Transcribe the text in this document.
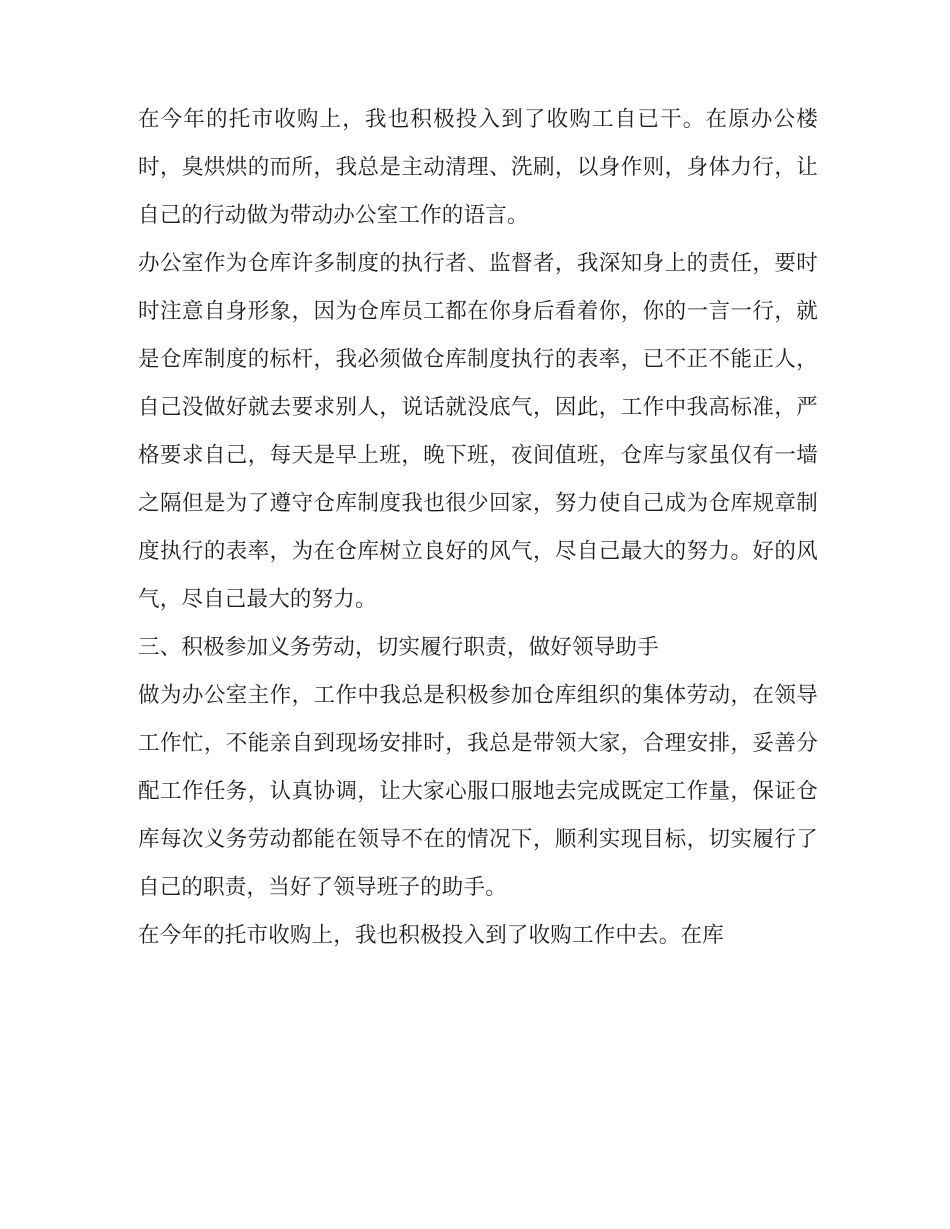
在今年的托市收购上，我也积极投入到了收购工自已干。在原办公楼时，臭烘烘的而所，我总是主动清理、洗刷，以身作则，身体力行，让自己的行动做为带动办公室工作的语言。

办公室作为仓库许多制度的执行者、监督者，我深知身上的责任，要时时注意自身形象，因为仓库员工都在你身后看着你，你的一言一行，就是仓库制度的标杆，我必须做仓库制度执行的表率，已不正不能正人，自己没做好就去要求别人，说话就没底气，因此，工作中我高标准，严格要求自己，每天是早上班，晚下班，夜间值班，仓库与家虽仅有一墙之隔但是为了遵守仓库制度我也很少回家，努力使自己成为仓库规章制度执行的表率，为在仓库树立良好的风气，尽自己最大的努力。好的风气，尽自己最大的努力。

三、积极参加义务劳动，切实履行职责，做好领导助手

做为办公室主作，工作中我总是积极参加仓库组织的集体劳动，在领导工作忙，不能亲自到现场安排时，我总是带领大家，合理安排，妥善分配工作任务，认真协调，让大家心服口服地去完成既定工作量，保证仓库每次义务劳动都能在领导不在的情况下，顺利实现目标，切实履行了自己的职责，当好了领导班子的助手。

在今年的托市收购上，我也积极投入到了收购工作中去。在库
